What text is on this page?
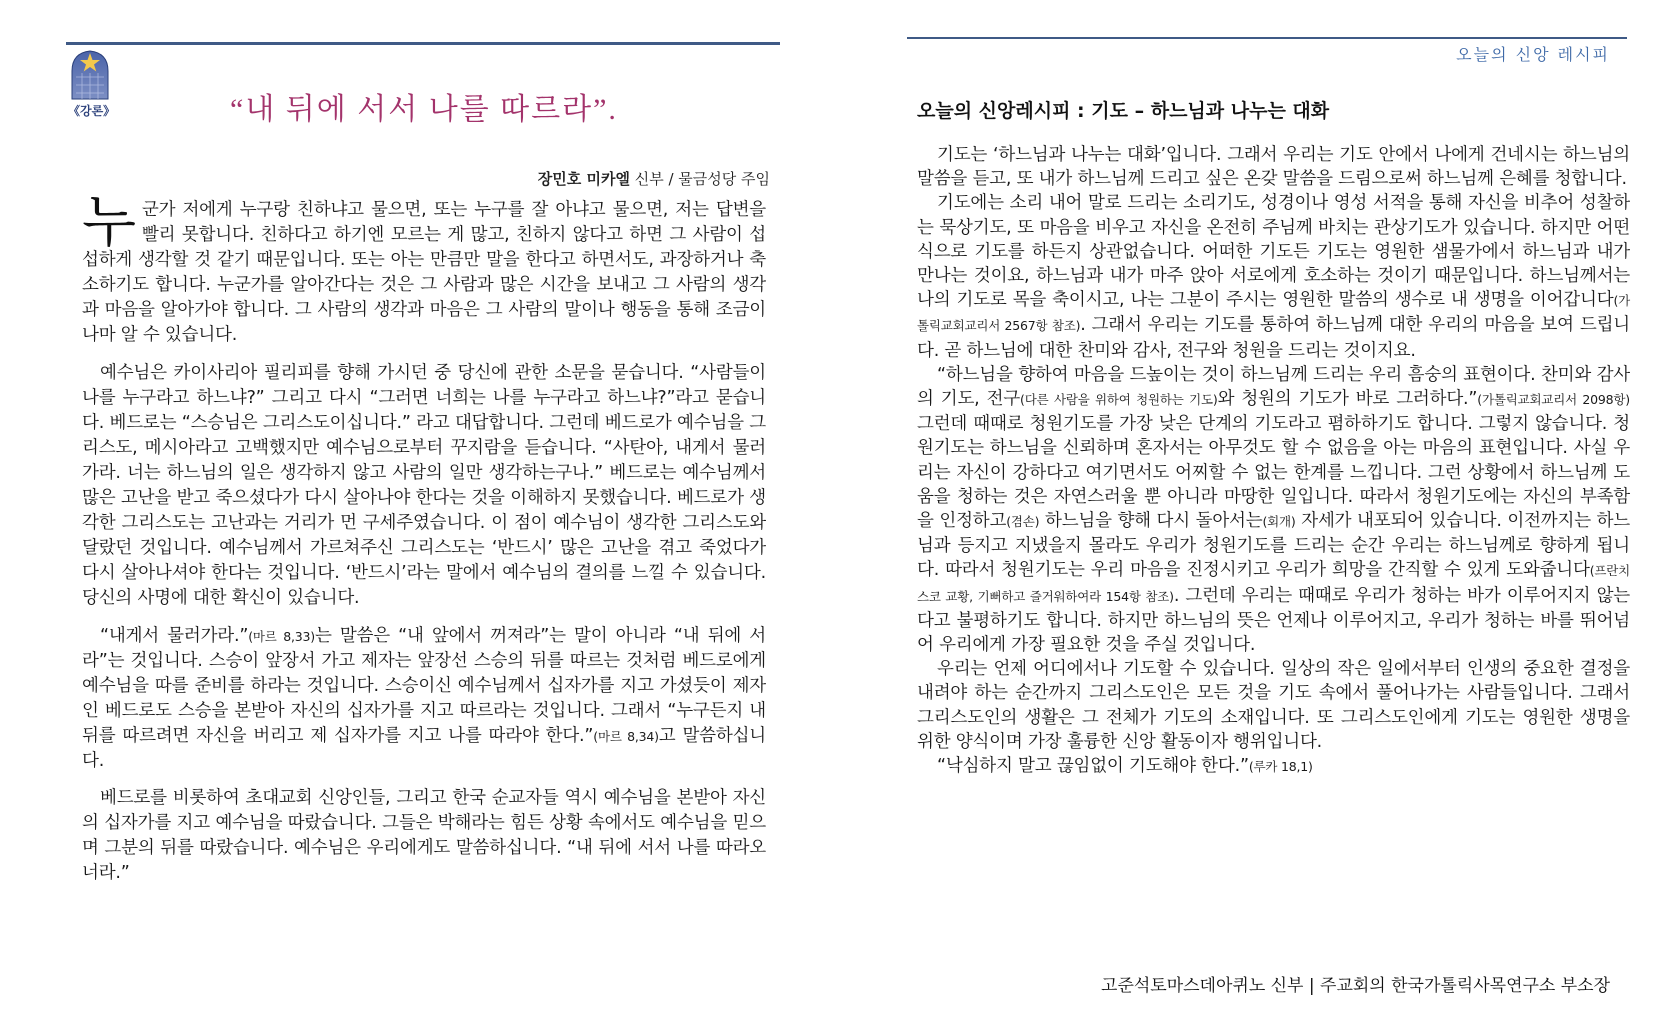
《강론》	“내 뒤에 서서 나를 따르라”.
장민호 미카엘 신부 / 물금성당 주임

누군가 저에게 누구랑 친하냐고 물으면, 또는 누구를 잘 아냐고 물으면, 저는 답변을 빨리 못합니다. 친하다고 하기엔 모르는 게 많고, 친하지 않다고 하면 그 사람이 섭섭하게 생각할 것 같기 때문입니다. 또는 아는 만큼만 말을 한다고 하면서도, 과장하거나 축소하기도 합니다. 누군가를 알아간다는 것은 그 사람과 많은 시간을 보내고 그 사람의 생각과 마음을 알아가야 합니다. 그 사람의 생각과 마음은 그 사람의 말이나 행동을 통해 조금이나마 알 수 있습니다.

예수님은 카이사리아 필리피를 향해 가시던 중 당신에 관한 소문을 묻습니다. “사람들이 나를 누구라고 하느냐?” 그리고 다시 “그러면 너희는 나를 누구라고 하느냐?”라고 묻습니다. 베드로는 “스승님은 그리스도이십니다.” 라고 대답합니다. 그런데 베드로가 예수님을 그리스도, 메시아라고 고백했지만 예수님으로부터 꾸지람을 듣습니다. “사탄아, 내게서 물러가라. 너는 하느님의 일은 생각하지 않고 사람의 일만 생각하는구나.” 베드로는 예수님께서 많은 고난을 받고 죽으셨다가 다시 살아나야 한다는 것을 이해하지 못했습니다. 베드로가 생각한 그리스도는 고난과는 거리가 먼 구세주였습니다. 이 점이 예수님이 생각한 그리스도와 달랐던 것입니다. 예수님께서 가르쳐주신 그리스도는 ‘반드시’ 많은 고난을 겪고 죽었다가 다시 살아나셔야 한다는 것입니다. ‘반드시’라는 말에서 예수님의 결의를 느낄 수 있습니다. 당신의 사명에 대한 확신이 있습니다.

“내게서 물러가라.”(마르 8,33)는 말씀은 “내 앞에서 꺼져라”는 말이 아니라 “내 뒤에 서라”는 것입니다. 스승이 앞장서 가고 제자는 앞장선 스승의 뒤를 따르는 것처럼 베드로에게 예수님을 따를 준비를 하라는 것입니다. 스승이신 예수님께서 십자가를 지고 가셨듯이 제자인 베드로도 스승을 본받아 자신의 십자가를 지고 따르라는 것입니다. 그래서 “누구든지 내 뒤를 따르려면 자신을 버리고 제 십자가를 지고 나를 따라야 한다.”(마르 8,34)고 말씀하십니다.

베드로를 비롯하여 초대교회 신앙인들, 그리고 한국 순교자들 역시 예수님을 본받아 자신의 십자가를 지고 예수님을 따랐습니다. 그들은 박해라는 힘든 상황 속에서도 예수님을 믿으며 그분의 뒤를 따랐습니다. 예수님은 우리에게도 말씀하십니다. “내 뒤에 서서 나를 따라오너라.”

오늘의 신앙 레시피
오늘의 신앙레시피 : 기도 – 하느님과 나누는 대화

기도는 ‘하느님과 나누는 대화’입니다. 그래서 우리는 기도 안에서 나에게 건네시는 하느님의 말씀을 듣고, 또 내가 하느님께 드리고 싶은 온갖 말씀을 드림으로써 하느님께 은혜를 청합니다.

기도에는 소리 내어 말로 드리는 소리기도, 성경이나 영성 서적을 통해 자신을 비추어 성찰하는 묵상기도, 또 마음을 비우고 자신을 온전히 주님께 바치는 관상기도가 있습니다. 하지만 어떤 식으로 기도를 하든지 상관없습니다. 어떠한 기도든 기도는 영원한 샘물가에서 하느님과 내가 만나는 것이요, 하느님과 내가 마주 앉아 서로에게 호소하는 것이기 때문입니다. 하느님께서는 나의 기도로 목을 축이시고, 나는 그분이 주시는 영원한 말씀의 생수로 내 생명을 이어갑니다(가톨릭교회교리서 2567항 참조). 그래서 우리는 기도를 통하여 하느님께 대한 우리의 마음을 보여 드립니다. 곧 하느님에 대한 찬미와 감사, 전구와 청원을 드리는 것이지요.

“하느님을 향하여 마음을 드높이는 것이 하느님께 드리는 우리 흠숭의 표현이다. 찬미와 감사의 기도, 전구(다른 사람을 위하여 청원하는 기도)와 청원의 기도가 바로 그러하다.”(가톨릭교회교리서 2098항) 그런데 때때로 청원기도를 가장 낮은 단계의 기도라고 폄하하기도 합니다. 그렇지 않습니다. 청원기도는 하느님을 신뢰하며 혼자서는 아무것도 할 수 없음을 아는 마음의 표현입니다. 사실 우리는 자신이 강하다고 여기면서도 어찌할 수 없는 한계를 느낍니다. 그런 상황에서 하느님께 도움을 청하는 것은 자연스러울 뿐 아니라 마땅한 일입니다. 따라서 청원기도에는 자신의 부족함을 인정하고(겸손) 하느님을 향해 다시 돌아서는(회개) 자세가 내포되어 있습니다. 이전까지는 하느님과 등지고 지냈을지 몰라도 우리가 청원기도를 드리는 순간 우리는 하느님께로 향하게 됩니다. 따라서 청원기도는 우리 마음을 진정시키고 우리가 희망을 간직할 수 있게 도와줍니다(프란치스코 교황, 기뻐하고 즐거워하여라 154항 참조). 그런데 우리는 때때로 우리가 청하는 바가 이루어지지 않는다고 불평하기도 합니다. 하지만 하느님의 뜻은 언제나 이루어지고, 우리가 청하는 바를 뛰어넘어 우리에게 가장 필요한 것을 주실 것입니다.

우리는 언제 어디에서나 기도할 수 있습니다. 일상의 작은 일에서부터 인생의 중요한 결정을 내려야 하는 순간까지 그리스도인은 모든 것을 기도 속에서 풀어나가는 사람들입니다. 그래서 그리스도인의 생활은 그 전체가 기도의 소재입니다. 또 그리스도인에게 기도는 영원한 생명을 위한 양식이며 가장 훌륭한 신앙 활동이자 행위입니다.

“낙심하지 말고 끊임없이 기도해야 한다.”(루카 18,1)

고준석토마스데아퀴노 신부 | 주교회의 한국가톨릭사목연구소 부소장
